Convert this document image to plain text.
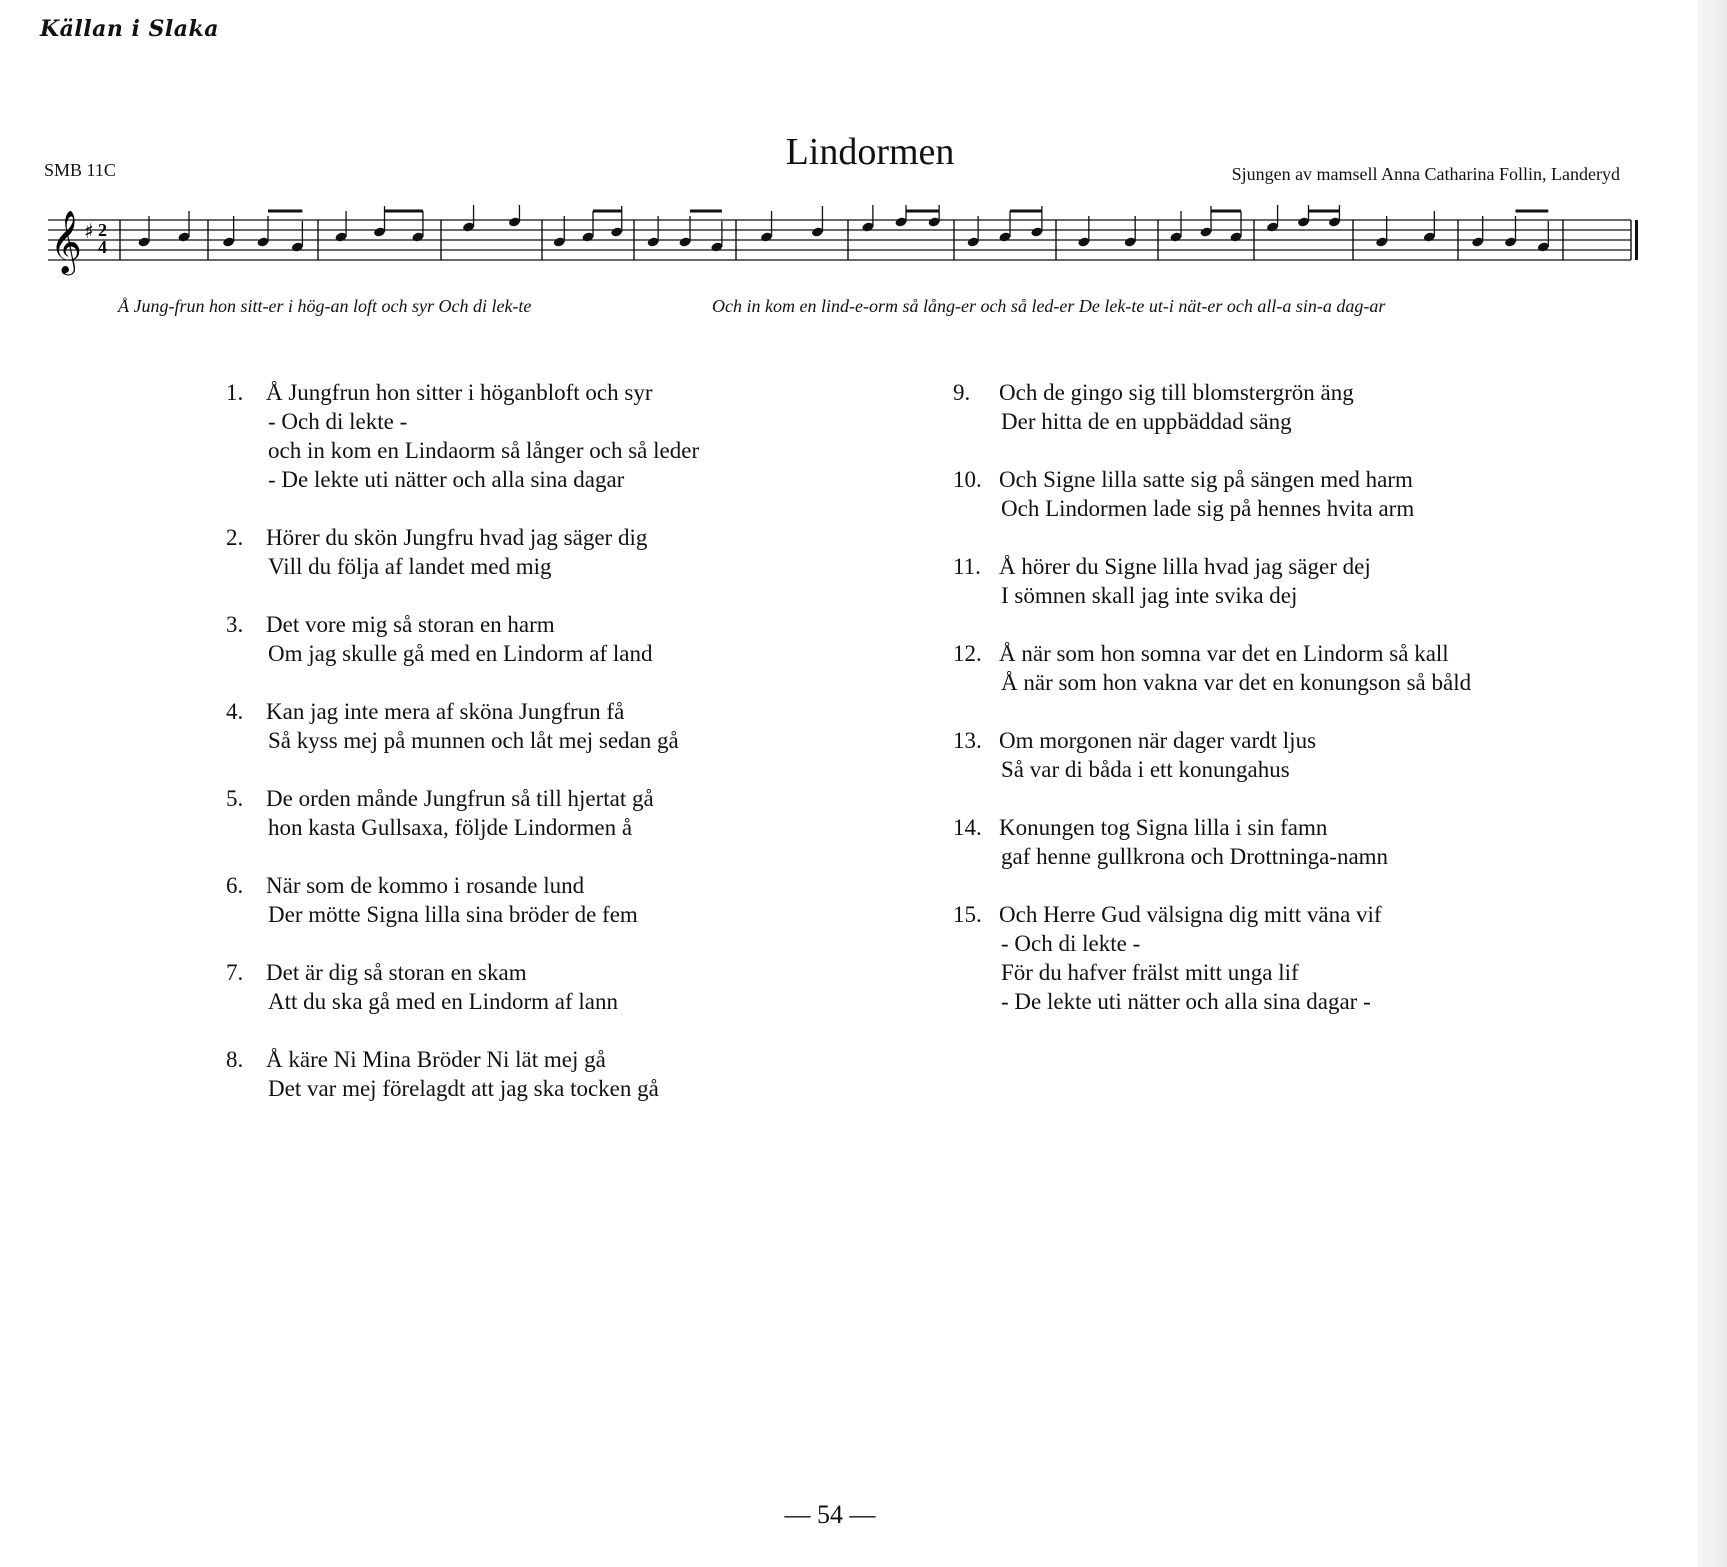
Källan i Slaka
SMB 11C	Lindormen
Sjungen av mamsell Anna Catharina Follin, Landeryd
𝄞 ♯ 2
4
Å Jung-frun hon sitt-er i hög-an loft och syr Och di lek-te	Och in kom en lind-e-orm så lång-er och så led-er De lek-te ut-i nät-er och all-a sin-a dag-ar
1. Å Jungfrun hon sitter i höganbloft och syr
- Och di lekte -
och in kom en Lindaorm så långer och så leder
- De lekte uti nätter och alla sina dagar
2. Hörer du skön Jungfru hvad jag säger dig
Vill du följa af landet med mig
3. Det vore mig så storan en harm
Om jag skulle gå med en Lindorm af land
4. Kan jag inte mera af sköna Jungfrun få
Så kyss mej på munnen och låt mej sedan gå
5. De orden månde Jungfrun så till hjertat gå
hon kasta Gullsaxa, följde Lindormen å
6. När som de kommo i rosande lund
Der mötte Signa lilla sina bröder de fem
7. Det är dig så storan en skam
Att du ska gå med en Lindorm af lann
8. Å käre Ni Mina Bröder Ni lät mej gå
Det var mej förelagdt att jag ska tocken gå
9. Och de gingo sig till blomstergrön äng
Der hitta de en uppbäddad säng
10. Och Signe lilla satte sig på sängen med harm
Och Lindormen lade sig på hennes hvita arm
11. Å hörer du Signe lilla hvad jag säger dej
I sömnen skall jag inte svika dej
12. Å när som hon somna var det en Lindorm så kall
Å när som hon vakna var det en konungson så båld
13. Om morgonen när dager vardt ljus
Så var di båda i ett konungahus
14. Konungen tog Signa lilla i sin famn
gaf henne gullkrona och Drottninga-namn
15. Och Herre Gud välsigna dig mitt väna vif
- Och di lekte -
För du hafver frälst mitt unga lif
- De lekte uti nätter och alla sina dagar -
— 54 —
